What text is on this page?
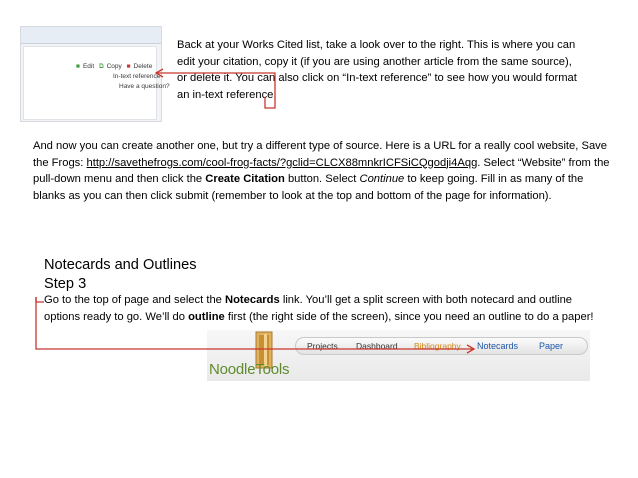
■ Edit ⧉ Copy ■ Delete
In-text reference
Have a question?
Back at your Works Cited list, take a look over to the right. This is where you can edit your citation, copy it (if you are using another article from the same source), or delete it. You can also click on “In-text reference” to see how you would format an in-text reference.
And now you can create another one, but try a different type of source. Here is a URL for a really cool website, Save the Frogs: http://savethefrogs.com/cool-frog-facts/?gclid=CLCX88mnkrICFSiCQgodji4Aqg. Select “Website” from the pull-down menu and then click the Create Citation button. Select Continue to keep going. Fill in as many of the blanks as you can then click submit (remember to look at the top and bottom of the page for information).
Notecards and Outlines
Step 3
Go to the top of page and select the Notecards link. You’ll get a split screen with both notecard and outline options ready to go. We’ll do outline first (the right side of the screen), since you need an outline to do a paper!
Projects Dashboard Bibliography Notecards Paper
NoodleTools
